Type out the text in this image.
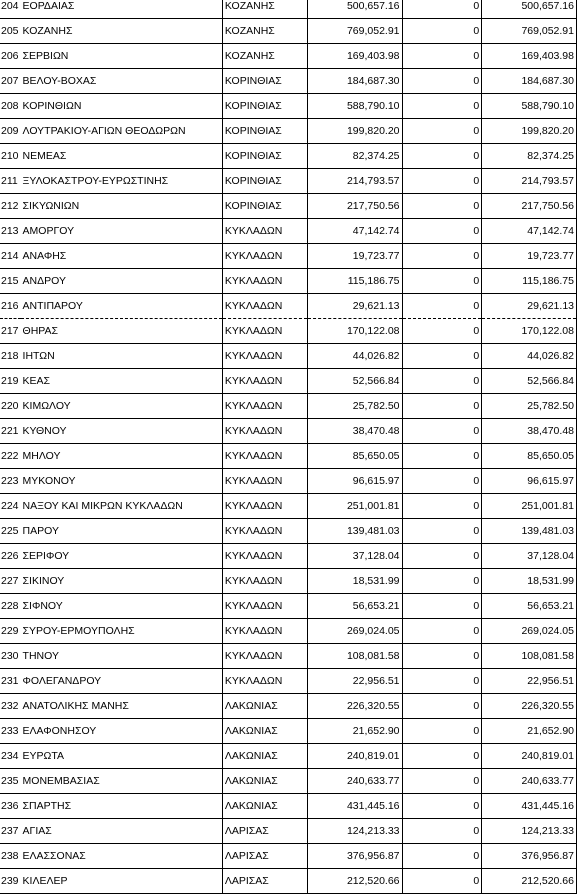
204	ΕΟΡΔΑΙΑΣ	ΚΟΖΑΝΗΣ	500,657.16	0	500,657.16
205	ΚΟΖΑΝΗΣ	ΚΟΖΑΝΗΣ	769,052.91	0	769,052.91
206	ΣΕΡΒΙΩΝ	ΚΟΖΑΝΗΣ	169,403.98	0	169,403.98
207	ΒΕΛΟΥ-ΒΟΧΑΣ	ΚΟΡΙΝΘΙΑΣ	184,687.30	0	184,687.30
208	ΚΟΡΙΝΘΙΩΝ	ΚΟΡΙΝΘΙΑΣ	588,790.10	0	588,790.10
209	ΛΟΥΤΡΑΚΙΟΥ-ΑΓΙΩΝ ΘΕΟΔΩΡΩΝ	ΚΟΡΙΝΘΙΑΣ	199,820.20	0	199,820.20
210	ΝΕΜΕΑΣ	ΚΟΡΙΝΘΙΑΣ	82,374.25	0	82,374.25
211	ΞΥΛΟΚΑΣΤΡΟΥ-ΕΥΡΩΣΤΙΝΗΣ	ΚΟΡΙΝΘΙΑΣ	214,793.57	0	214,793.57
212	ΣΙΚΥΩΝΙΩΝ	ΚΟΡΙΝΘΙΑΣ	217,750.56	0	217,750.56
213	ΑΜΟΡΓΟΥ	ΚΥΚΛΑΔΩΝ	47,142.74	0	47,142.74
214	ΑΝΑΦΗΣ	ΚΥΚΛΑΔΩΝ	19,723.77	0	19,723.77
215	ΑΝΔΡΟΥ	ΚΥΚΛΑΔΩΝ	115,186.75	0	115,186.75
216	ΑΝΤΙΠΑΡΟΥ	ΚΥΚΛΑΔΩΝ	29,621.13	0	29,621.13
217	ΘΗΡΑΣ	ΚΥΚΛΑΔΩΝ	170,122.08	0	170,122.08
218	ΙΗΤΩΝ	ΚΥΚΛΑΔΩΝ	44,026.82	0	44,026.82
219	ΚΕΑΣ	ΚΥΚΛΑΔΩΝ	52,566.84	0	52,566.84
220	ΚΙΜΩΛΟΥ	ΚΥΚΛΑΔΩΝ	25,782.50	0	25,782.50
221	ΚΥΘΝΟΥ	ΚΥΚΛΑΔΩΝ	38,470.48	0	38,470.48
222	ΜΗΛΟΥ	ΚΥΚΛΑΔΩΝ	85,650.05	0	85,650.05
223	ΜΥΚΟΝΟΥ	ΚΥΚΛΑΔΩΝ	96,615.97	0	96,615.97
224	ΝΑΞΟΥ ΚΑΙ ΜΙΚΡΩΝ ΚΥΚΛΑΔΩΝ	ΚΥΚΛΑΔΩΝ	251,001.81	0	251,001.81
225	ΠΑΡΟΥ	ΚΥΚΛΑΔΩΝ	139,481.03	0	139,481.03
226	ΣΕΡΙΦΟΥ	ΚΥΚΛΑΔΩΝ	37,128.04	0	37,128.04
227	ΣΙΚΙΝΟΥ	ΚΥΚΛΑΔΩΝ	18,531.99	0	18,531.99
228	ΣΙΦΝΟΥ	ΚΥΚΛΑΔΩΝ	56,653.21	0	56,653.21
229	ΣΥΡΟΥ-ΕΡΜΟΥΠΟΛΗΣ	ΚΥΚΛΑΔΩΝ	269,024.05	0	269,024.05
230	ΤΗΝΟΥ	ΚΥΚΛΑΔΩΝ	108,081.58	0	108,081.58
231	ΦΟΛΕΓΑΝΔΡΟΥ	ΚΥΚΛΑΔΩΝ	22,956.51	0	22,956.51
232	ΑΝΑΤΟΛΙΚΗΣ ΜΑΝΗΣ	ΛΑΚΩΝΙΑΣ	226,320.55	0	226,320.55
233	ΕΛΑΦΟΝΗΣΟΥ	ΛΑΚΩΝΙΑΣ	21,652.90	0	21,652.90
234	ΕΥΡΩΤΑ	ΛΑΚΩΝΙΑΣ	240,819.01	0	240,819.01
235	ΜΟΝΕΜΒΑΣΙΑΣ	ΛΑΚΩΝΙΑΣ	240,633.77	0	240,633.77
236	ΣΠΑΡΤΗΣ	ΛΑΚΩΝΙΑΣ	431,445.16	0	431,445.16
237	ΑΓΙΑΣ	ΛΑΡΙΣΑΣ	124,213.33	0	124,213.33
238	ΕΛΑΣΣΟΝΑΣ	ΛΑΡΙΣΑΣ	376,956.87	0	376,956.87
239	ΚΙΛΕΛΕΡ	ΛΑΡΙΣΑΣ	212,520.66	0	212,520.66
